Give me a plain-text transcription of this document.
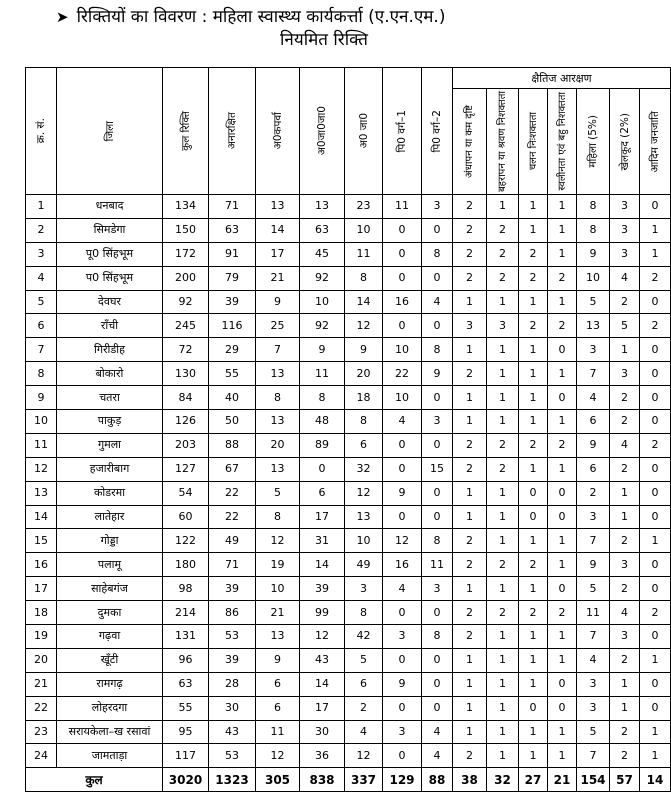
➤ रिक्तियों का विवरण : महिला स्वास्थ्य कार्यकर्त्ता (ए.एन.एम.)
नियमित रिक्ति
क्र. सं.	जिला	कुल रिक्ति	अनारक्षित	अ0कपर्वा	अ0जा0जा0	अ0 जा0	पि0 वर्ग–1	पि0 वर्ग–2	क्षैतिज आरक्षण						

									अंधापन या कम दृष्टि	बहरापन या श्रवण निशक्तता	चलन निःशक्तता	स्वलीनता एवं बहु निशक्तता	महिला (5%)	खेलकूद (2%)	आदिम जनजाति

1	धनबाद	134	71	13	13	23	11	3	2	1	1	1	8	3	0
2	सिमडेगा	150	63	14	63	10	0	0	2	2	1	1	8	3	1
3	पू0 सिंहभूम	172	91	17	45	11	0	8	2	2	2	1	9	3	1
4	प0 सिंहभूम	200	79	21	92	8	0	0	2	2	2	2	10	4	2
5	देवघर	92	39	9	10	14	16	4	1	1	1	1	5	2	0
6	राँची	245	116	25	92	12	0	0	3	3	2	2	13	5	2
7	गिरीडीह	72	29	7	9	9	10	8	1	1	1	0	3	1	0
8	बोकारो	130	55	13	11	20	22	9	2	1	1	1	7	3	0
9	चतरा	84	40	8	8	18	10	0	1	1	1	0	4	2	0
10	पाकुड़	126	50	13	48	8	4	3	1	1	1	1	6	2	0
11	गुमला	203	88	20	89	6	0	0	2	2	2	2	9	4	2
12	हजारीबाग	127	67	13	0	32	0	15	2	2	1	1	6	2	0
13	कोडरमा	54	22	5	6	12	9	0	1	1	0	0	2	1	0
14	लातेहार	60	22	8	17	13	0	0	1	1	0	0	3	1	0
15	गोड्डा	122	49	12	31	10	12	8	2	1	1	1	7	2	1
16	पलामू	180	71	19	14	49	16	11	2	2	2	1	9	3	0
17	साहेबगंज	98	39	10	39	3	4	3	1	1	1	0	5	2	0
18	दुमका	214	86	21	99	8	0	0	2	2	2	2	11	4	2
19	गढ़वा	131	53	13	12	42	3	8	2	1	1	1	7	3	0
20	खूँटी	96	39	9	43	5	0	0	1	1	1	1	4	2	1
21	रामगढ़	63	28	6	14	6	9	0	1	1	1	0	3	1	0
22	लोहरदगा	55	30	6	17	2	0	0	1	1	0	0	3	1	0
23	सरायकेला–ख रसावां	95	43	11	30	4	3	4	1	1	1	1	5	2	1
24	जामताड़ा	117	53	12	36	12	0	4	2	1	1	1	7	2	1
कुल		3020	1323	305	838	337	129	88	38	32	27	21	154	57	14
